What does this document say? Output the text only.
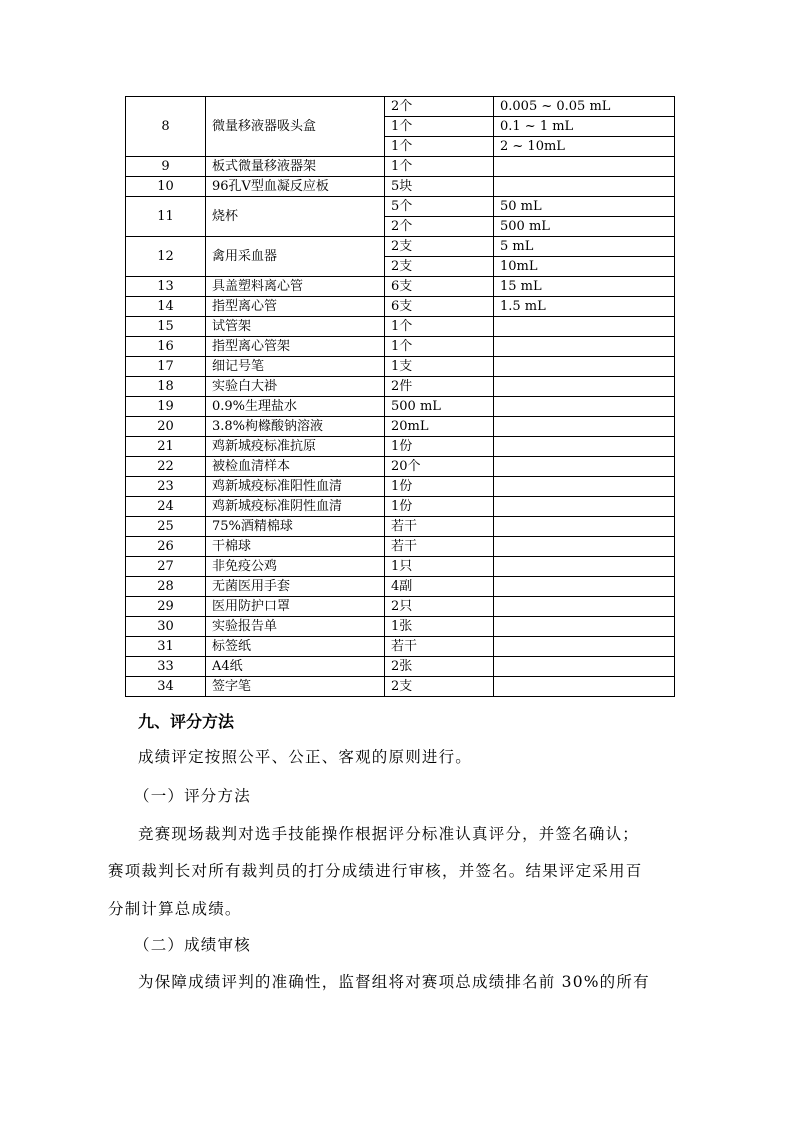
8	微量移液器吸头盒	2个	0.005 ~ 0.05 mL
		1个	0.1 ~ 1 mL
		1个	2 ~ 10mL
9	板式微量移液器架	1个	
10	96孔V型血凝反应板	5块	
11	烧杯	5个	50 mL
		2个	500 mL
12	禽用采血器	2支	5 mL
		2支	10mL
13	具盖塑料离心管	6支	15 mL
14	指型离心管	6支	1.5 mL
15	试管架	1个	
16	指型离心管架	1个	
17	细记号笔	1支	
18	实验白大褂	2件	
19	0.9%生理盐水	500 mL	
20	3.8%枸橼酸钠溶液	20mL	
21	鸡新城疫标准抗原	1份	
22	被检血清样本	20个	
23	鸡新城疫标准阳性血清	1份	
24	鸡新城疫标准阴性血清	1份	
25	75%酒精棉球	若干	
26	干棉球	若干	
27	非免疫公鸡	1只	
28	无菌医用手套	4副	
29	医用防护口罩	2只	
30	实验报告单	1张	
31	标签纸	若干	
33	A4纸	2张	
34	签字笔	2支	
九、评分方法
成绩评定按照公平、公正、客观的原则进行。
（一）评分方法
竞赛现场裁判对选手技能操作根据评分标准认真评分，并签名确认；
赛项裁判长对所有裁判员的打分成绩进行审核，并签名。结果评定采用百
分制计算总成绩。
（二）成绩审核
为保障成绩评判的准确性，监督组将对赛项总成绩排名前 30%的所有
